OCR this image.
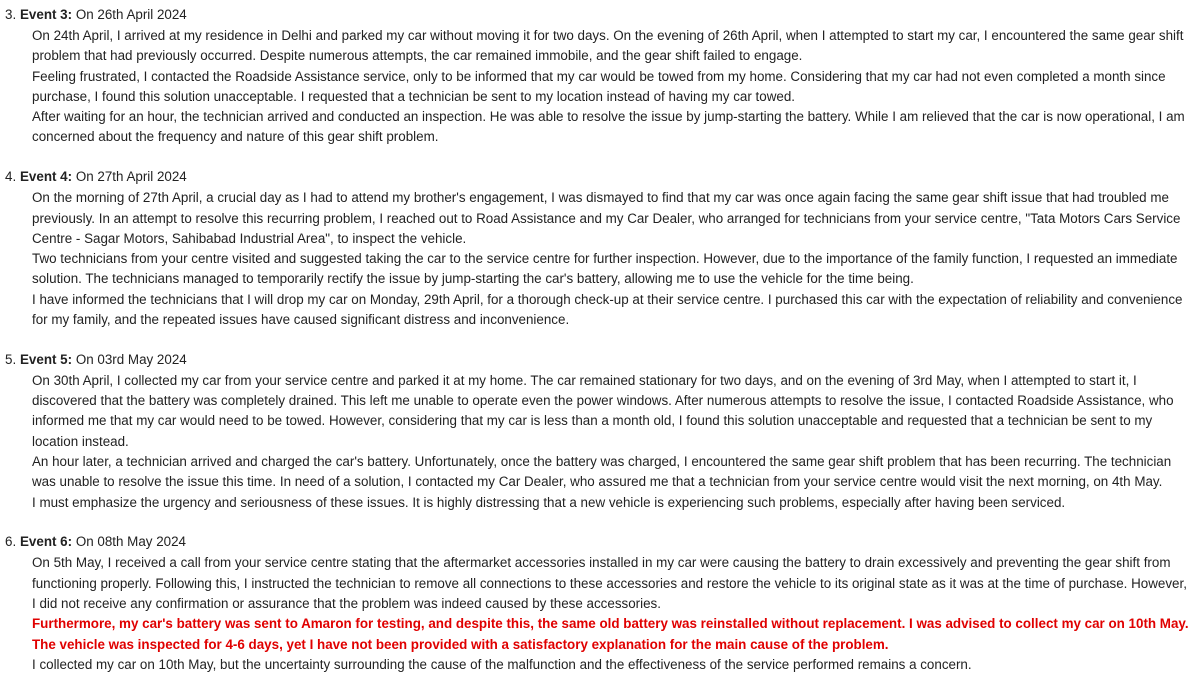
3. Event 3: On 26th April 2024

On 24th April, I arrived at my residence in Delhi and parked my car without moving it for two days. On the evening of 26th April, when I attempted to start my car, I encountered the same gear shift problem that had previously occurred. Despite numerous attempts, the car remained immobile, and the gear shift failed to engage.

Feeling frustrated, I contacted the Roadside Assistance service, only to be informed that my car would be towed from my home. Considering that my car had not even completed a month since purchase, I found this solution unacceptable. I requested that a technician be sent to my location instead of having my car towed.

After waiting for an hour, the technician arrived and conducted an inspection. He was able to resolve the issue by jump-starting the battery. While I am relieved that the car is now operational, I am concerned about the frequency and nature of this gear shift problem.

4. Event 4: On 27th April 2024

On the morning of 27th April, a crucial day as I had to attend my brother's engagement, I was dismayed to find that my car was once again facing the same gear shift issue that had troubled me previously. In an attempt to resolve this recurring problem, I reached out to Road Assistance and my Car Dealer, who arranged for technicians from your service centre, "Tata Motors Cars Service Centre - Sagar Motors, Sahibabad Industrial Area", to inspect the vehicle.

Two technicians from your centre visited and suggested taking the car to the service centre for further inspection. However, due to the importance of the family function, I requested an immediate solution. The technicians managed to temporarily rectify the issue by jump-starting the car's battery, allowing me to use the vehicle for the time being.

I have informed the technicians that I will drop my car on Monday, 29th April, for a thorough check-up at their service centre. I purchased this car with the expectation of reliability and convenience for my family, and the repeated issues have caused significant distress and inconvenience.

5. Event 5: On 03rd May 2024

On 30th April, I collected my car from your service centre and parked it at my home. The car remained stationary for two days, and on the evening of 3rd May, when I attempted to start it, I discovered that the battery was completely drained. This left me unable to operate even the power windows. After numerous attempts to resolve the issue, I contacted Roadside Assistance, who informed me that my car would need to be towed. However, considering that my car is less than a month old, I found this solution unacceptable and requested that a technician be sent to my location instead.

An hour later, a technician arrived and charged the car's battery. Unfortunately, once the battery was charged, I encountered the same gear shift problem that has been recurring. The technician was unable to resolve the issue this time. In need of a solution, I contacted my Car Dealer, who assured me that a technician from your service centre would visit the next morning, on 4th May.

I must emphasize the urgency and seriousness of these issues. It is highly distressing that a new vehicle is experiencing such problems, especially after having been serviced.

6. Event 6: On 08th May 2024

On 5th May, I received a call from your service centre stating that the aftermarket accessories installed in my car were causing the battery to drain excessively and preventing the gear shift from functioning properly. Following this, I instructed the technician to remove all connections to these accessories and restore the vehicle to its original state as it was at the time of purchase. However, I did not receive any confirmation or assurance that the problem was indeed caused by these accessories.

Furthermore, my car's battery was sent to Amaron for testing, and despite this, the same old battery was reinstalled without replacement. I was advised to collect my car on 10th May. The vehicle was inspected for 4-6 days, yet I have not been provided with a satisfactory explanation for the main cause of the problem.

I collected my car on 10th May, but the uncertainty surrounding the cause of the malfunction and the effectiveness of the service performed remains a concern.
